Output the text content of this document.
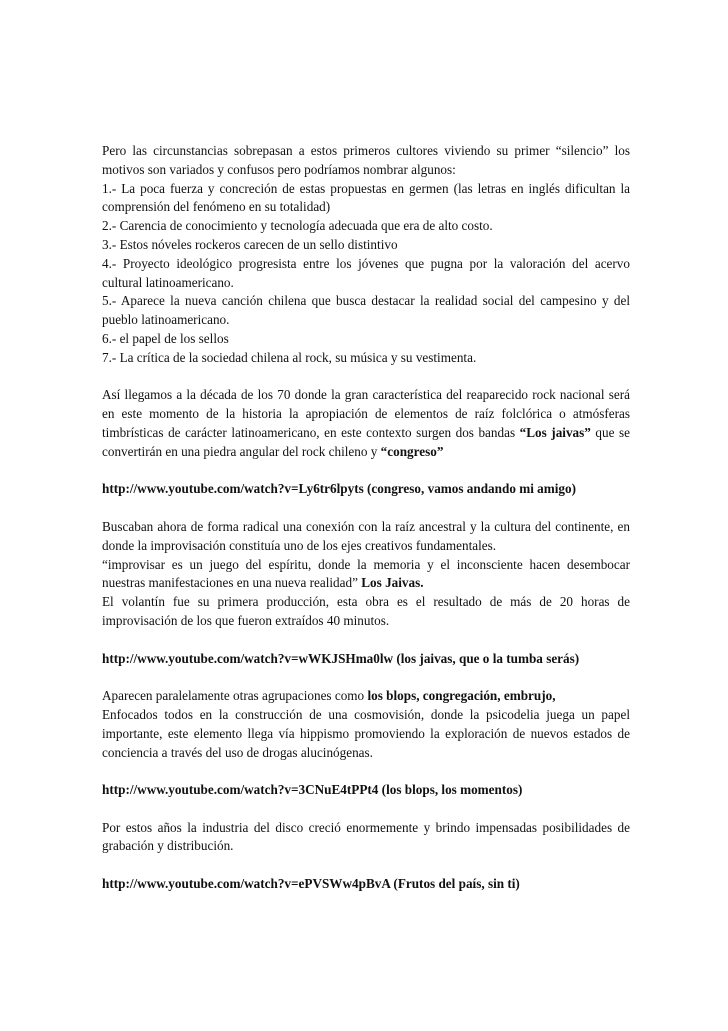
Pero las circunstancias sobrepasan a estos primeros cultores viviendo su primer “silencio” los motivos son variados y confusos pero podríamos nombrar algunos:

1.- La poca fuerza y concreción de estas propuestas en germen (las letras en inglés dificultan la comprensión del fenómeno en su totalidad)

2.- Carencia de conocimiento y tecnología adecuada que era de alto costo.

3.- Estos nóveles rockeros carecen de un sello distintivo

4.- Proyecto ideológico progresista entre los jóvenes que pugna por la valoración del acervo cultural latinoamericano.

5.- Aparece la nueva canción chilena que busca destacar la realidad social del campesino y del pueblo latinoamericano.

6.- el papel de los sellos

7.- La crítica de la sociedad chilena al rock, su música y su vestimenta.

Así llegamos a la década de los 70 donde la gran característica del reaparecido rock nacional será en este momento de la historia la apropiación de elementos de raíz folclórica o atmósferas timbrísticas de carácter latinoamericano, en este contexto surgen dos bandas “Los jaivas” que se convertirán en una piedra angular del rock chileno y “congreso”

http://www.youtube.com/watch?v=Ly6tr6lpyts (congreso, vamos andando mi amigo)

Buscaban ahora de forma radical una conexión con la raíz ancestral y la cultura del continente, en donde la improvisación constituía uno de los ejes creativos fundamentales.

“improvisar es un juego del espíritu, donde la memoria y el inconsciente hacen desembocar nuestras manifestaciones en una nueva realidad” Los Jaivas.

El volantín fue su primera producción, esta obra es el resultado de más de 20 horas de improvisación de los que fueron extraídos 40 minutos.

http://www.youtube.com/watch?v=wWKJSHma0lw (los jaivas, que o la tumba serás)

Aparecen paralelamente otras agrupaciones como los blops, congregación, embrujo,

Enfocados todos en la construcción de una cosmovisión, donde la psicodelia juega un papel importante, este elemento llega vía hippismo promoviendo la exploración de nuevos estados de conciencia a través del uso de drogas alucinógenas.

http://www.youtube.com/watch?v=3CNuE4tPPt4 (los blops, los momentos)

Por estos años la industria del disco creció enormemente y brindo impensadas posibilidades de grabación y distribución.

http://www.youtube.com/watch?v=ePVSWw4pBvA (Frutos del país, sin ti)
